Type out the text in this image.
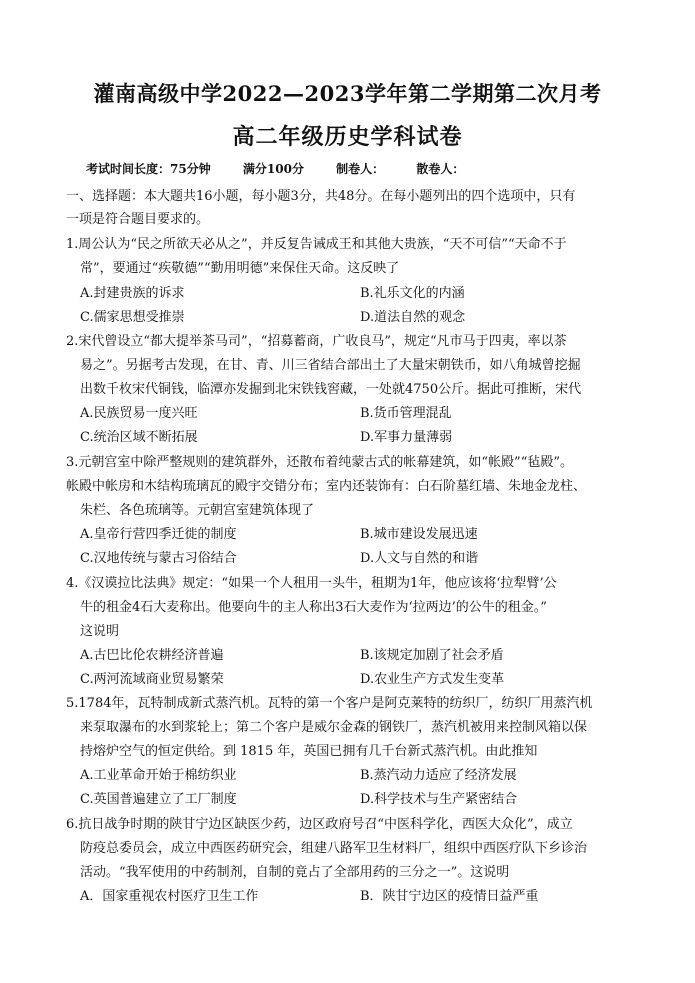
灌南高级中学2022—2023学年第二学期第二次月考
高二年级历史学科试卷
考试时间长度：75分钟	满分100分	制卷人：	散卷人：
一、选择题：本大题共16小题，每小题3分，共48分。在每小题列出的四个选项中，只有
一项是符合题目要求的。
1.周公认为“民之所欲天必从之”，并反复告诫成王和其他大贵族，“天不可信”“天命不于
常”，要通过“疾敬德”“勤用明德”来保住天命。这反映了
A.封建贵族的诉求	B.礼乐文化的内涵
C.儒家思想受推崇	D.道法自然的观念
2.宋代曾设立“都大提举茶马司”，“招募蓄商，广收良马”，规定“凡市马于四夷，率以茶
易之”。另据考古发现，在甘、青、川三省结合部出土了大量宋朝铁币，如八角城曾挖掘
出数千枚宋代铜钱，临潭亦发掘到北宋铁钱窖藏，一处就4750公斤。据此可推断，宋代
A.民族贸易一度兴旺	B.货币管理混乱
C.统治区域不断拓展	D.军事力量薄弱
3.元朝宫室中除严整规则的建筑群外，还散布着纯蒙古式的帐幕建筑，如“帐殿”“毡殿”。
帐殿中帐房和木结构琉璃瓦的殿宇交错分布；室内还装饰有：白石阶墓红墙、朱地金龙柱、
朱栏、各色琉璃等。元朝宫室建筑体现了
A.皇帝行营四季迁徙的制度	B.城市建设发展迅速
C.汉地传统与蒙古习俗结合	D.人文与自然的和谐
4.《汉谟拉比法典》规定：“如果一个人租用一头牛，租期为1年，他应该将‘拉犁臂’公
牛的租金4石大麦称出。他要向牛的主人称出3石大麦作为‘拉两边’的公牛的租金。”
这说明
A.古巴比伦农耕经济普遍	B.该规定加剧了社会矛盾
C.两河流域商业贸易繁荣	D.农业生产方式发生变革
5.1784年，瓦特制成新式蒸汽机。瓦特的第一个客户是阿克莱特的纺织厂，纺织厂用蒸汽机
来泵取瀑布的水到浆轮上；第二个客户是威尔金森的钢铁厂，蒸汽机被用来控制风箱以保
持熔炉空气的恒定供给。到 1815 年，英国已拥有几千台新式蒸汽机。由此推知
A.工业革命开始于棉纺织业	B.蒸汽动力适应了经济发展
C.英国普遍建立了工厂制度	D.科学技术与生产紧密结合
6.抗日战争时期的陕甘宁边区缺医少药，边区政府号召“中医科学化，西医大众化”，成立
防疫总委员会，成立中西医药研究会，组建八路军卫生材料厂，组织中西医疗队下乡诊治
活动。“我军使用的中药制剂，自制的竟占了全部用药的三分之一”。这说明
A．国家重视农村医疗卫生工作	B．陕甘宁边区的疫情日益严重
